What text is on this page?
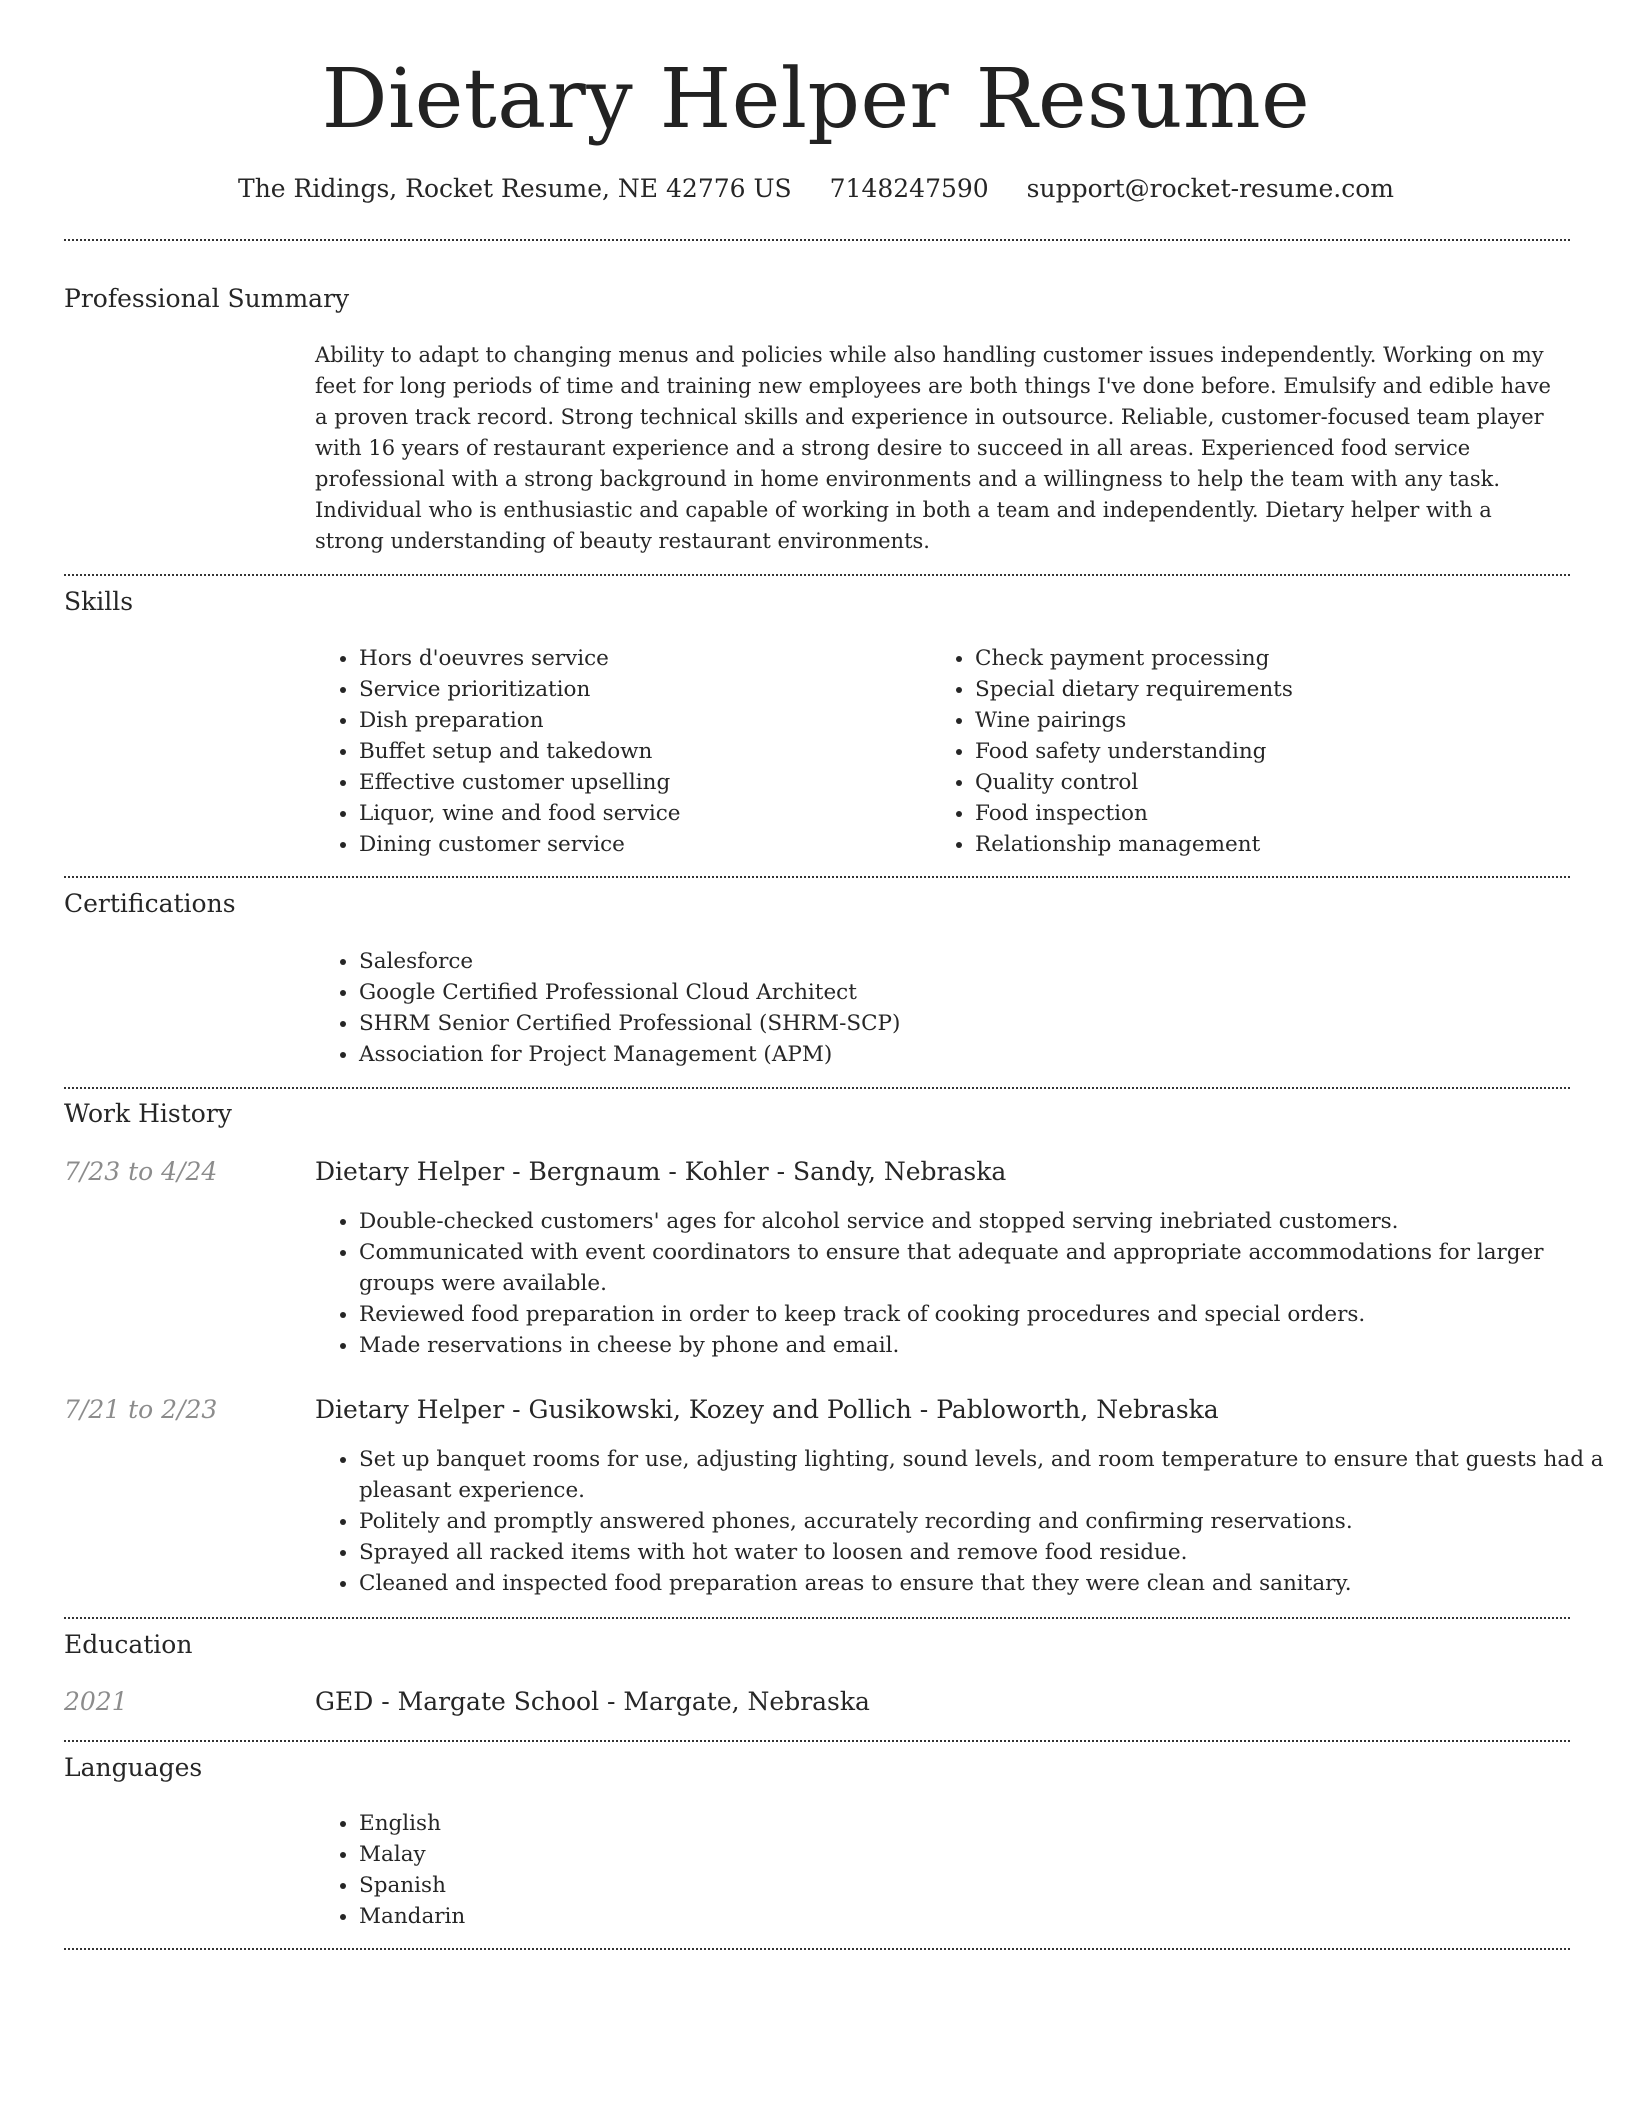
Dietary Helper Resume
The Ridings, Rocket Resume, NE 42776 US 7148247590 support@rocket-resume.com
Professional Summary

Ability to adapt to changing menus and policies while also handling customer issues independently. Working on my feet for long periods of time and training new employees are both things I've done before. Emulsify and edible have a proven track record. Strong technical skills and experience in outsource. Reliable, customer-focused team player with 16 years of restaurant experience and a strong desire to succeed in all areas. Experienced food service professional with a strong background in home environments and a willingness to help the team with any task. Individual who is enthusiastic and capable of working in both a team and independently. Dietary helper with a strong understanding of beauty restaurant environments.

Skills
• Hors d'oeuvres service
• Service prioritization
• Dish preparation
• Buffet setup and takedown
• Effective customer upselling
• Liquor, wine and food service
• Dining customer service
• Check payment processing
• Special dietary requirements
• Wine pairings
• Food safety understanding
• Quality control
• Food inspection
• Relationship management
Certifications
• Salesforce
• Google Certified Professional Cloud Architect
• SHRM Senior Certified Professional (SHRM-SCP)
• Association for Project Management (APM)
Work History
7/23 to 4/24	Dietary Helper - Bergnaum - Kohler - Sandy, Nebraska
• Double-checked customers' ages for alcohol service and stopped serving inebriated customers.
• Communicated with event coordinators to ensure that adequate and appropriate accommodations for larger groups were available.
• Reviewed food preparation in order to keep track of cooking procedures and special orders.
• Made reservations in cheese by phone and email.
7/21 to 2/23	Dietary Helper - Gusikowski, Kozey and Pollich - Pabloworth, Nebraska
• Set up banquet rooms for use, adjusting lighting, sound levels, and room temperature to ensure that guests had a pleasant experience.
• Politely and promptly answered phones, accurately recording and confirming reservations.
• Sprayed all racked items with hot water to loosen and remove food residue.
• Cleaned and inspected food preparation areas to ensure that they were clean and sanitary.
Education
2021	GED - Margate School - Margate, Nebraska
Languages
• English
• Malay
• Spanish
• Mandarin
